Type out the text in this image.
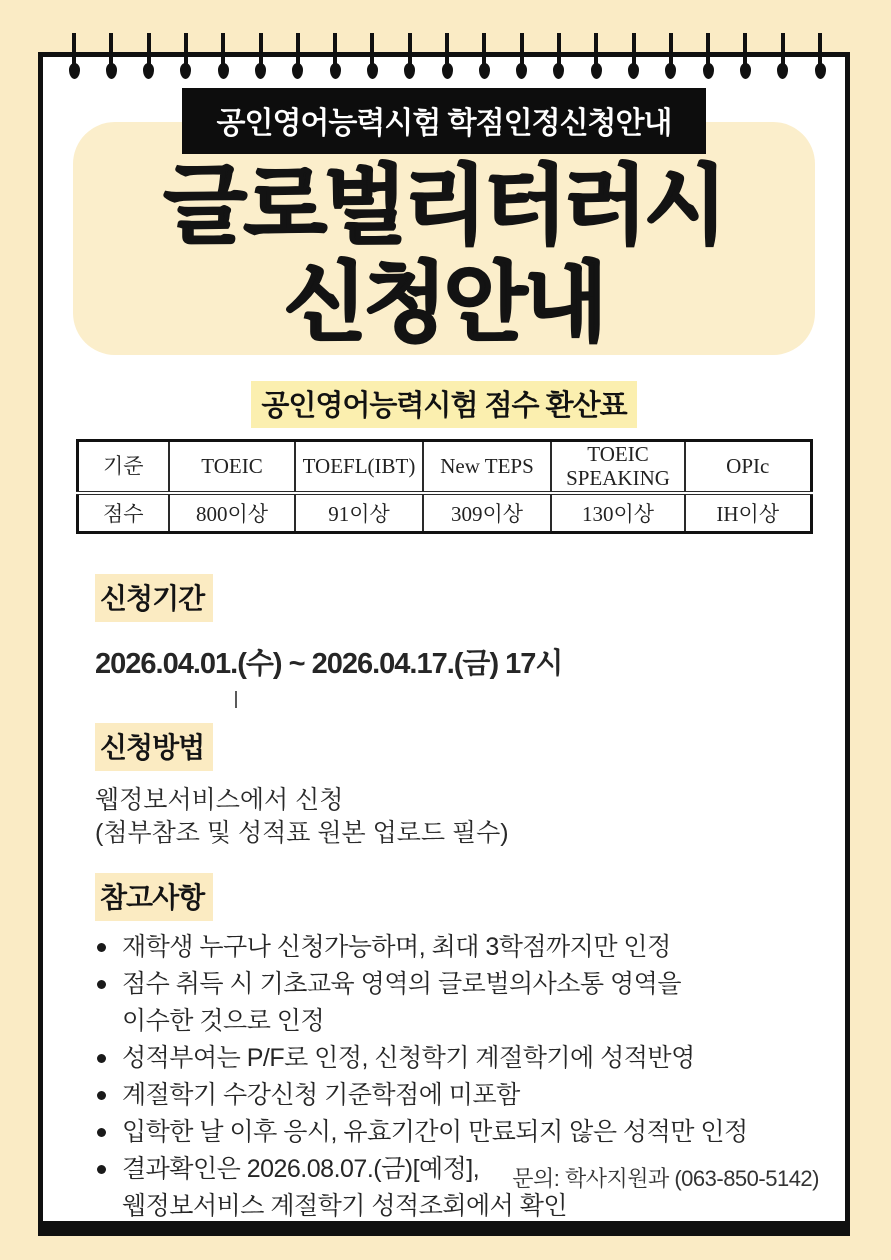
공인영어능력시험 학점인정신청안내
글로벌리터러시
신청안내
공인영어능력시험 점수 환산표
기준	TOEIC	TOEFL(IBT)	New TEPS	TOEIC SPEAKING	OPIc
점수	800이상	91이상	309이상	130이상	IH이상
신청기간
2026.04.01.(수) ~ 2026.04.17.(금) 17시
신청방법
웹정보서비스에서 신청
(첨부참조 및 성적표 원본 업로드 필수)
참고사항
재학생 누구나 신청가능하며, 최대 3학점까지만 인정
점수 취득 시 기초교육 영역의 글로벌의사소통 영역을
이수한 것으로 인정
성적부여는 P/F로 인정, 신청학기 계절학기에 성적반영
계절학기 수강신청 기준학점에 미포함
입학한 날 이후 응시, 유효기간이 만료되지 않은 성적만 인정
결과확인은 2026.08.07.(금)[예정],
웹정보서비스 계절학기 성적조회에서 확인
문의: 학사지원과 (063-850-5142)
